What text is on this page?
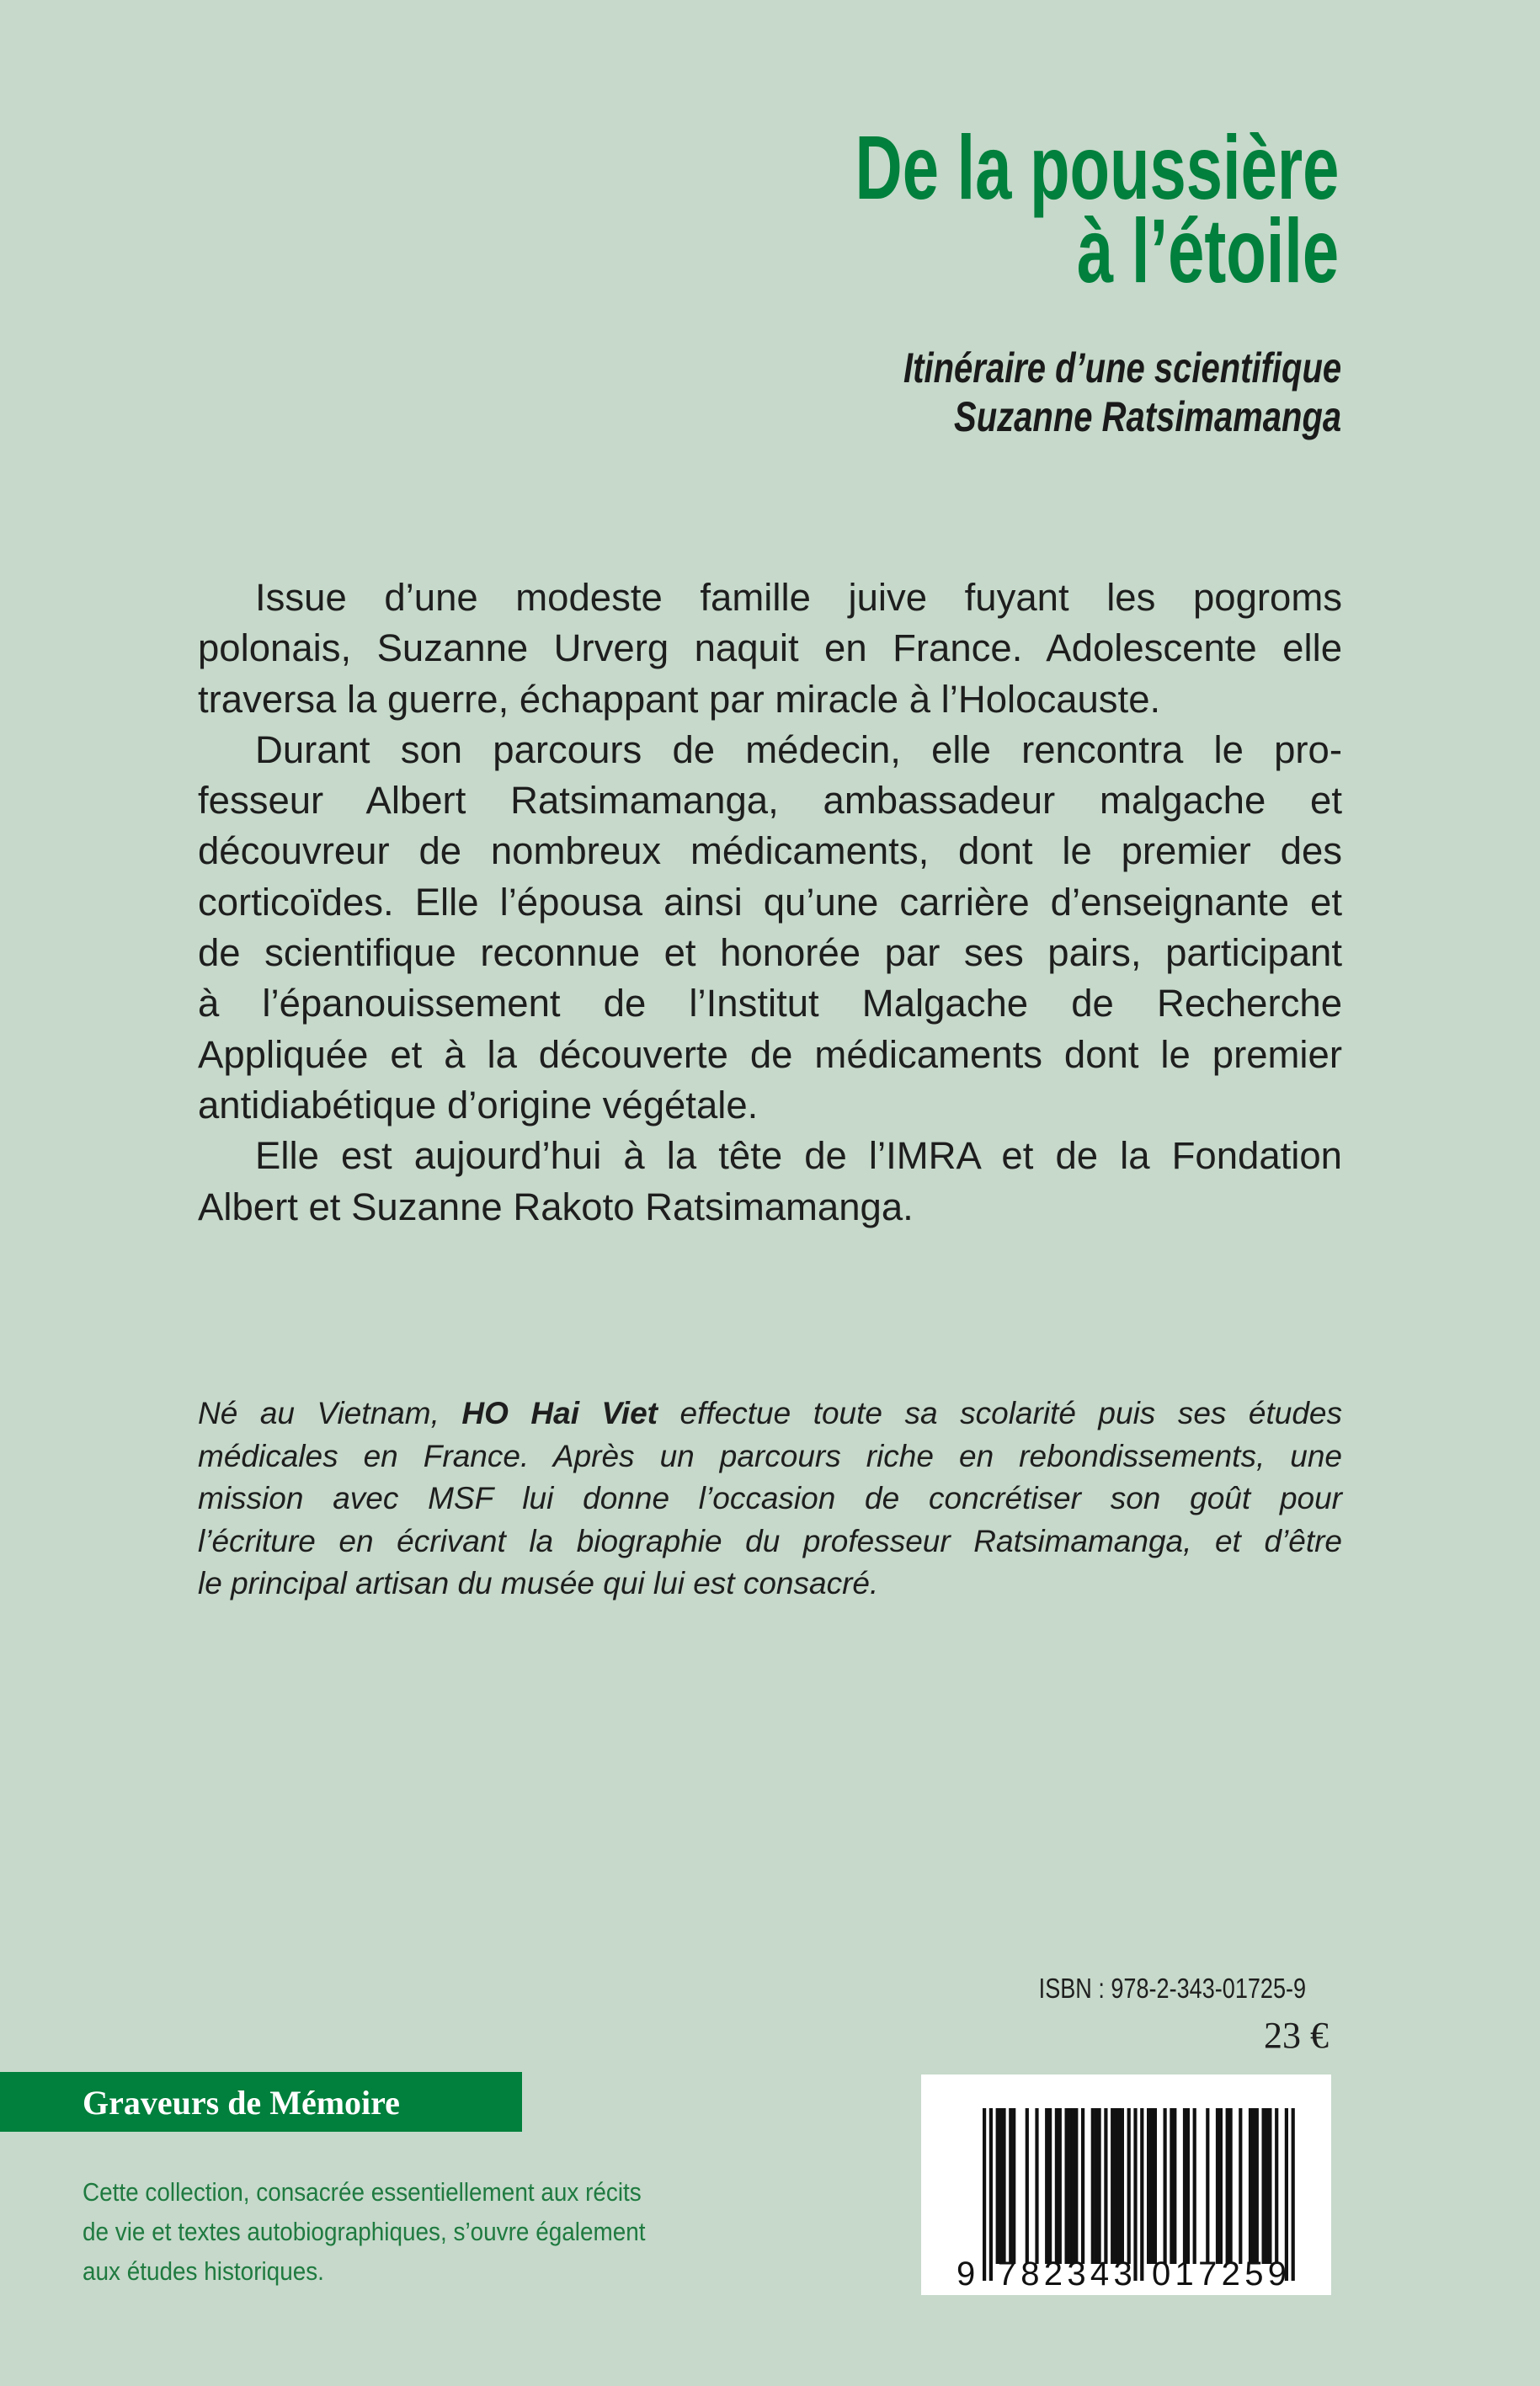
De la poussière
à l’étoile
Itinéraire d’une scientifique
Suzanne Ratsimamanga
Issue d’une modeste famille juive fuyant les pogroms
polonais, Suzanne Urverg naquit en France. Adolescente elle
traversa la guerre, échappant par miracle à l’Holocauste.
Durant son parcours de médecin, elle rencontra le pro-
fesseur Albert Ratsimamanga, ambassadeur malgache et
découvreur de nombreux médicaments, dont le premier des
corticoïdes. Elle l’épousa ainsi qu’une carrière d’enseignante et
de scientifique reconnue et honorée par ses pairs, participant
à l’épanouissement de l’Institut Malgache de Recherche
Appliquée et à la découverte de médicaments dont le premier
antidiabétique d’origine végétale.
Elle est aujourd’hui à la tête de l’IMRA et de la Fondation
Albert et Suzanne Rakoto Ratsimamanga.
Né au Vietnam, HO Hai Viet effectue toute sa scolarité puis ses études
médicales en France. Après un parcours riche en rebondissements, une
mission avec MSF lui donne l’occasion de concrétiser son goût pour
l’écriture en écrivant la biographie du professeur Ratsimamanga, et d’être
le principal artisan du musée qui lui est consacré.
ISBN : 978-2-343-01725-9
23 €
Graveurs de Mémoire
Cette collection, consacrée essentiellement aux récits
de vie et textes autobiographiques, s’ouvre également
aux études historiques.	9 782343 017259
